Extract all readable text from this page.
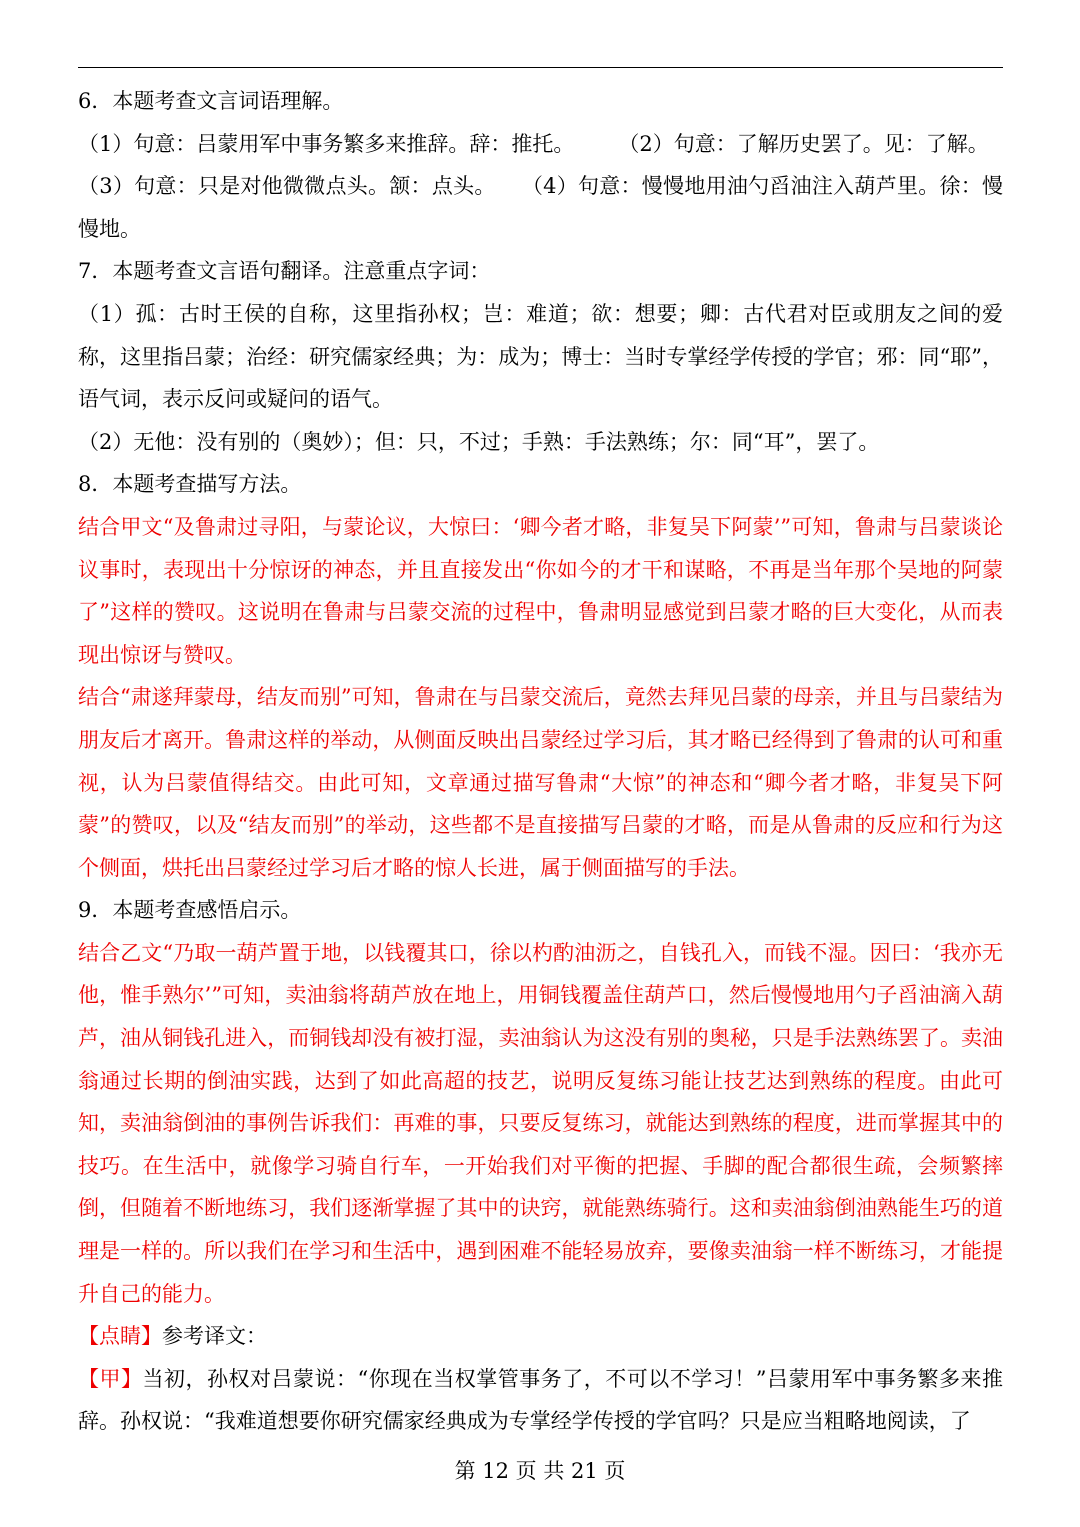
6．本题考查文言词语理解。

（1）句意：吕蒙用军中事务繁多来推辞。辞：推托。 （2）句意：了解历史罢了。见：了解。

（3）句意：只是对他微微点头。颔：点头。 （4）句意：慢慢地用油勺舀油注入葫芦里。徐：慢慢地。

7．本题考查文言语句翻译。注意重点字词：

（1）孤：古时王侯的自称，这里指孙权；岂：难道；欲：想要；卿：古代君对臣或朋友之间的爱称，这里指吕蒙；治经：研究儒家经典；为：成为；博士：当时专掌经学传授的学官；邪：同“耶”，语气词，表示反问或疑问的语气。

（2）无他：没有别的（奥妙）；但：只，不过；手熟：手法熟练；尔：同“耳”，罢了。

8．本题考查描写方法。

结合甲文“及鲁肃过寻阳，与蒙论议，大惊曰：‘卿今者才略，非复吴下阿蒙’”可知，鲁肃与吕蒙谈论议事时，表现出十分惊讶的神态，并且直接发出“你如今的才干和谋略，不再是当年那个吴地的阿蒙了”这样的赞叹。这说明在鲁肃与吕蒙交流的过程中，鲁肃明显感觉到吕蒙才略的巨大变化，从而表现出惊讶与赞叹。

结合“肃遂拜蒙母，结友而别”可知，鲁肃在与吕蒙交流后，竟然去拜见吕蒙的母亲，并且与吕蒙结为朋友后才离开。鲁肃这样的举动，从侧面反映出吕蒙经过学习后，其才略已经得到了鲁肃的认可和重视，认为吕蒙值得结交。由此可知，文章通过描写鲁肃“大惊”的神态和“卿今者才略，非复吴下阿蒙”的赞叹，以及“结友而别”的举动，这些都不是直接描写吕蒙的才略，而是从鲁肃的反应和行为这个侧面，烘托出吕蒙经过学习后才略的惊人长进，属于侧面描写的手法。

9．本题考查感悟启示。

结合乙文“乃取一葫芦置于地，以钱覆其口，徐以杓酌油沥之，自钱孔入，而钱不湿。因曰：‘我亦无他，惟手熟尔’”可知，卖油翁将葫芦放在地上，用铜钱覆盖住葫芦口，然后慢慢地用勺子舀油滴入葫芦，油从铜钱孔进入，而铜钱却没有被打湿，卖油翁认为这没有别的奥秘，只是手法熟练罢了。卖油翁通过长期的倒油实践，达到了如此高超的技艺，说明反复练习能让技艺达到熟练的程度。由此可知，卖油翁倒油的事例告诉我们：再难的事，只要反复练习，就能达到熟练的程度，进而掌握其中的技巧。在生活中，就像学习骑自行车，一开始我们对平衡的把握、手脚的配合都很生疏，会频繁摔倒，但随着不断地练习，我们逐渐掌握了其中的诀窍，就能熟练骑行。这和卖油翁倒油熟能生巧的道理是一样的。所以我们在学习和生活中，遇到困难不能轻易放弃，要像卖油翁一样不断练习，才能提升自己的能力。

【点睛】参考译文：

【甲】当初，孙权对吕蒙说：“你现在当权掌管事务了，不可以不学习！”吕蒙用军中事务繁多来推辞。孙权说：“我难道想要你研究儒家经典成为专掌经学传授的学官吗？只是应当粗略地阅读，了

第 12 页 共 21 页
